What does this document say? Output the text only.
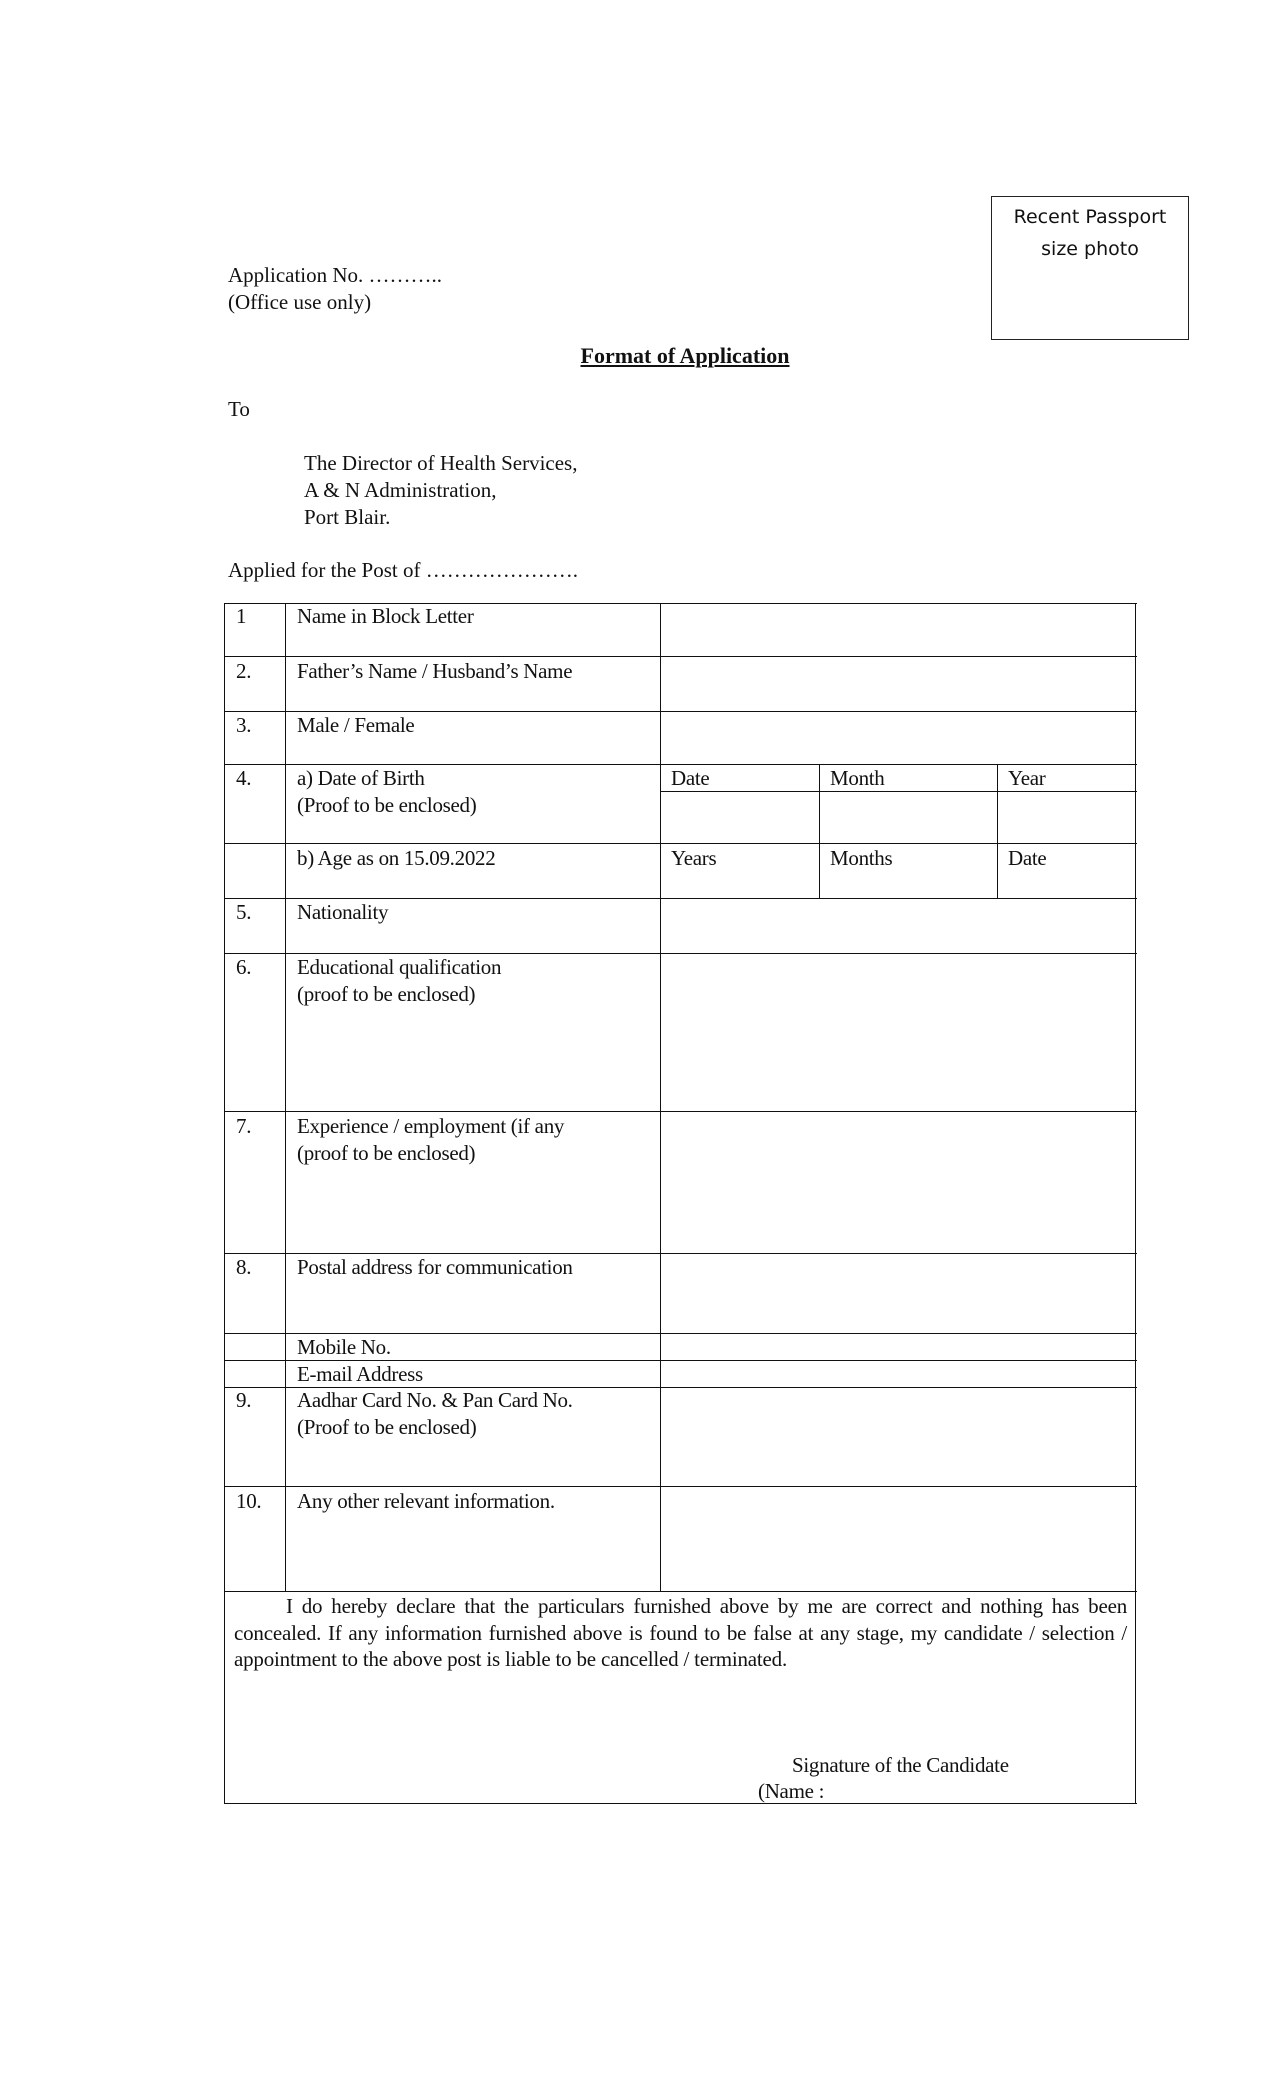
Recent Passport
size photo
Application No. ………..
(Office use only)
Format of Application
To
The Director of Health Services,
A & N Administration,
Port Blair.
Applied for the Post of ………………….
1 Name in Block Letter
2. Father’s Name / Husband’s Name
3. Male / Female
4. a) Date of Birth
(Proof to be enclosed)
Date	Month	Year
b) Age as on 15.09.2022	Years	Months	Date
5. Nationality
6. Educational qualification
(proof to be enclosed)
7. Experience / employment (if any
(proof to be enclosed)
8. Postal address for communication
Mobile No.
E-mail Address
9. Aadhar Card No. & Pan Card No.
(Proof to be enclosed)
10. Any other relevant information.
I do hereby declare that the particulars furnished above by me are correct and nothing has been concealed. If any information furnished above is found to be false at any stage, my candidate / selection / appointment to the above post is liable to be cancelled / terminated.
Signature of the Candidate
(Name :
